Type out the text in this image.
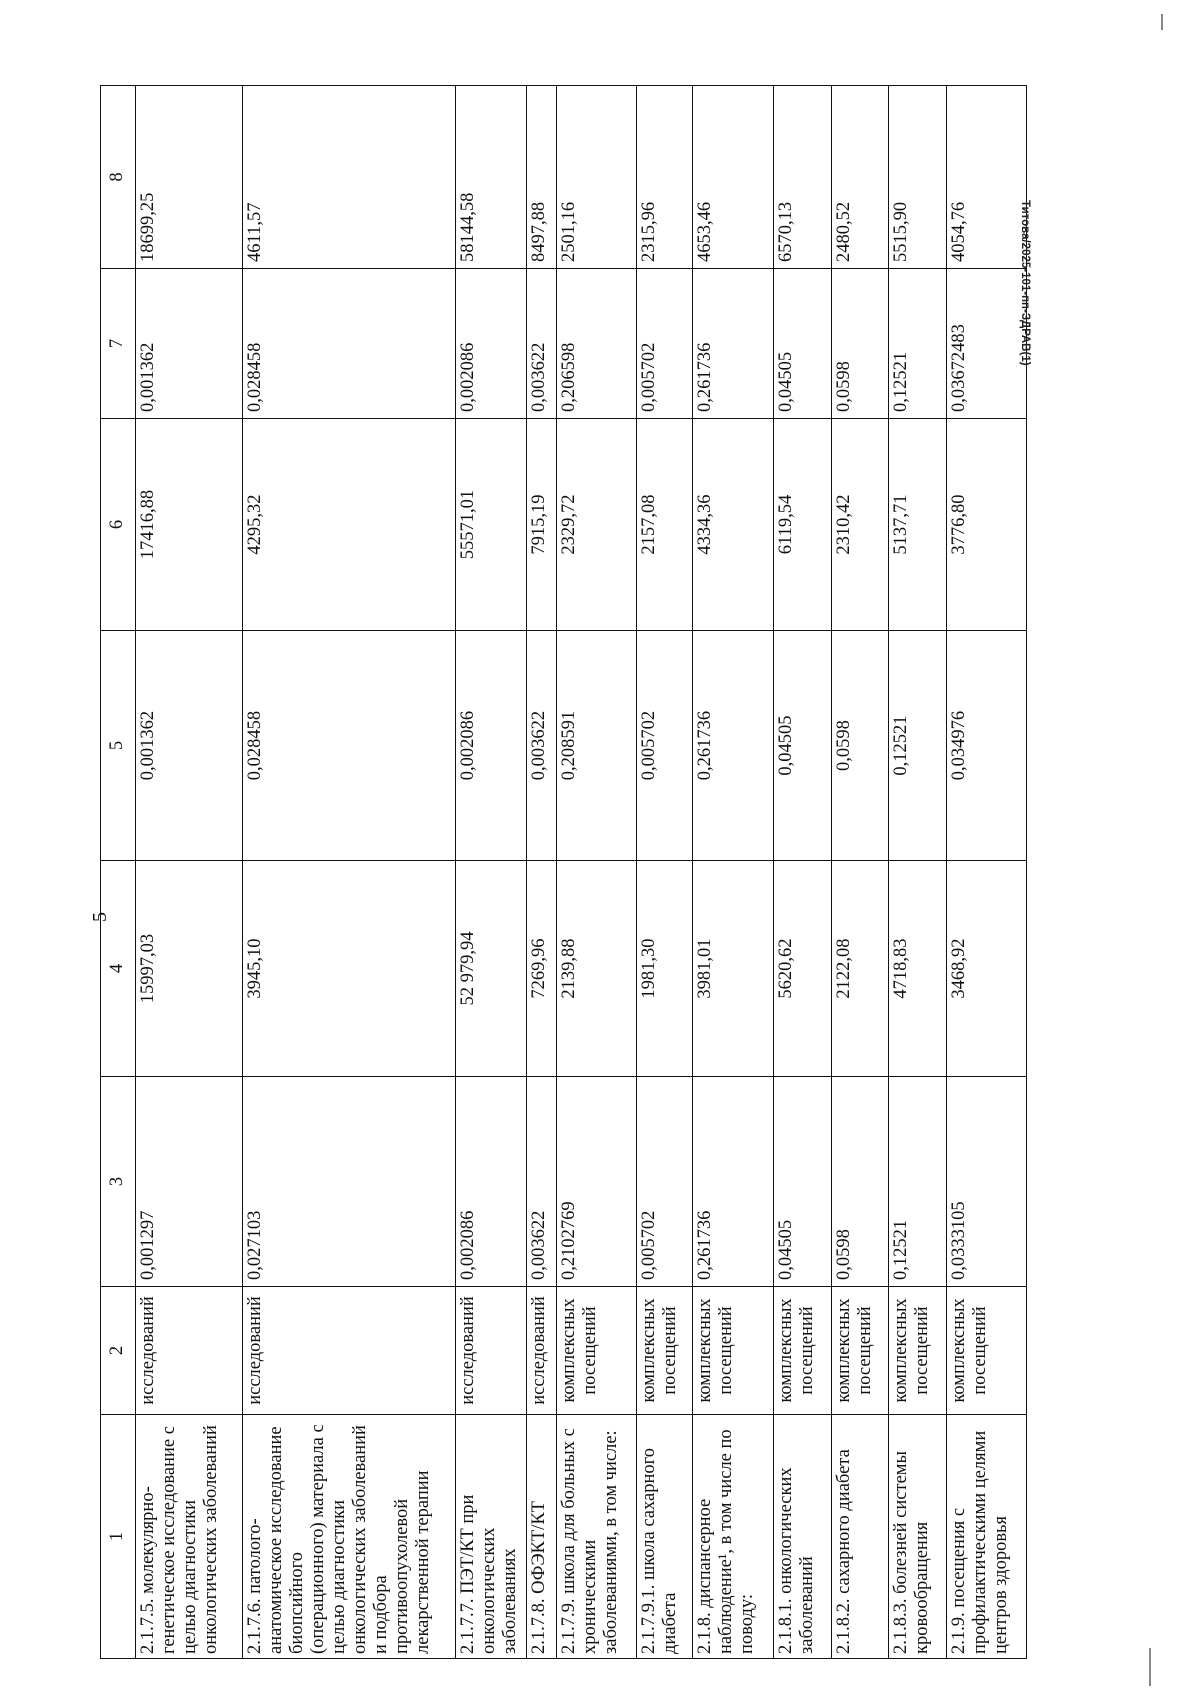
5
1	2	3	4	5	6	7	8
2.1.7.5. молекулярно-генетическое исследование с целью диагностики онкологических заболеваний	исследований	0,001297	15997,03	0,001362	17416,88	0,001362	18699,25
2.1.7.6. патолого-анатомическое исследование биопсийного (операционного) материала с целью диагностики онкологических заболеваний и подбора противоопухолевой лекарственной терапии	исследований	0,027103	3945,10	0,028458	4295,32	0,028458	4611,57
2.1.7.7. ПЭТ/КТ при онкологических заболеваниях	исследований	0,002086	52 979,94	0,002086	55571,01	0,002086	58144,58
2.1.7.8. ОФЭКТ/КТ	исследований	0,003622	7269,96	0,003622	7915,19	0,003622	8497,88
2.1.7.9. школа для больных с хроническими заболеваниями, в том числе:	комплексных посещений	0,2102769	2139,88	0,208591	2329,72	0,206598	2501,16
2.1.7.9.1. школа сахарного диабета	комплексных посещений	0,005702	1981,30	0,005702	2157,08	0,005702	2315,96
2.1.8. диспансерное наблюдение¹, в том числе по поводу:	комплексных посещений	0,261736	3981,01	0,261736	4334,36	0,261736	4653,46
2.1.8.1. онкологических заболеваний	комплексных посещений	0,04505	5620,62	0,04505	6119,54	0,04505	6570,13
2.1.8.2. сахарного диабета	комплексных посещений	0,0598	2122,08	0,0598	2310,42	0,0598	2480,52
2.1.8.3. болезней системы кровообращения	комплексных посещений	0,12521	4718,83	0,12521	5137,71	0,12521	5515,90
2.1.9. посещения с профилактическими целями центров здоровья	комплексных посещений	0,0333105	3468,92	0,034976	3776,80	0,03672483	4054,76	Титова/2025-101-пп-ЗДРАВ(1)
